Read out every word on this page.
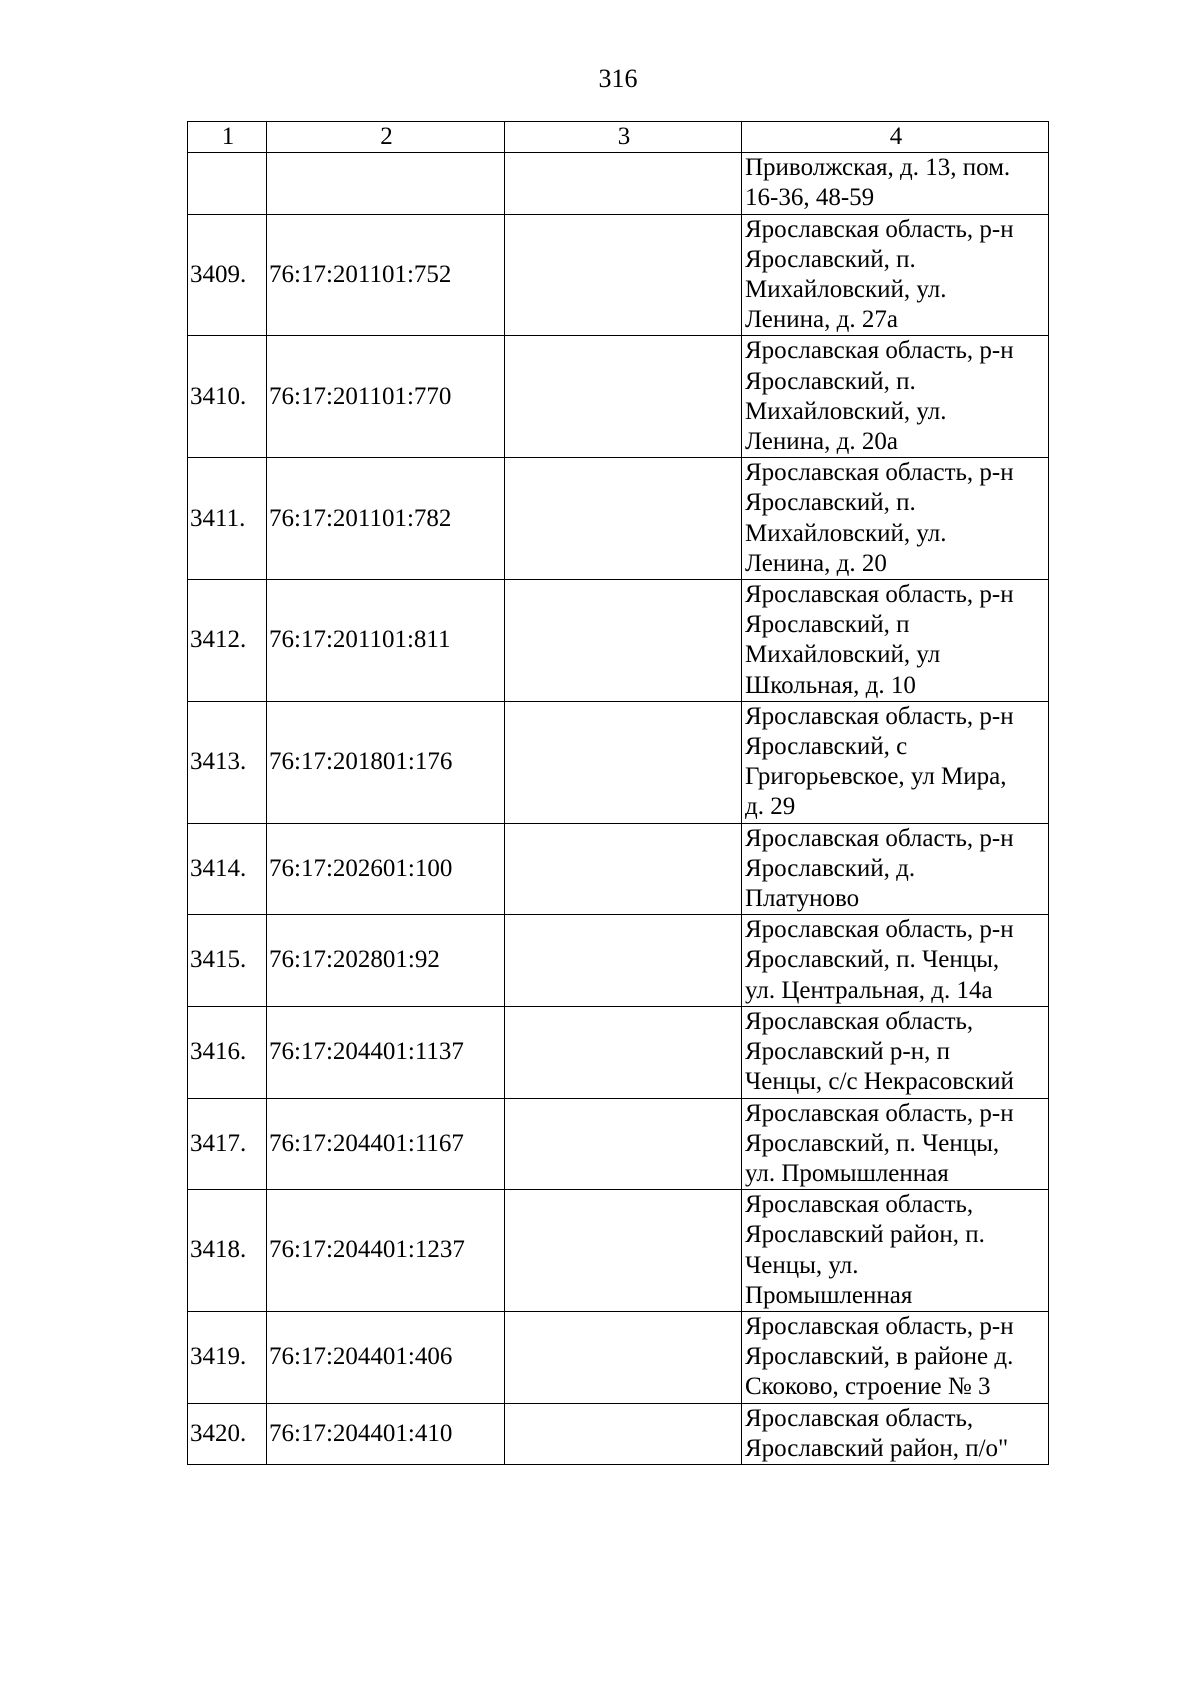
316
1	2	3	4

			Приволжская, д. 13, пом.
16-36, 48-59

3409.	76:17:201101:752		Ярославская область, р-н
Ярославский, п.
Михайловский, ул.
Ленина, д. 27а

3410.	76:17:201101:770		Ярославская область, р-н
Ярославский, п.
Михайловский, ул.
Ленина, д. 20а

3411.	76:17:201101:782		Ярославская область, р-н
Ярославский, п.
Михайловский, ул.
Ленина, д. 20

3412.	76:17:201101:811		Ярославская область, р-н
Ярославский, п
Михайловский, ул
Школьная, д. 10

3413.	76:17:201801:176		Ярославская область, р-н
Ярославский, с
Григорьевское, ул Мира,
д. 29

3414.	76:17:202601:100		Ярославская область, р-н
Ярославский, д.
Платуново

3415.	76:17:202801:92		Ярославская область, р-н
Ярославский, п. Ченцы,
ул. Центральная, д. 14а

3416.	76:17:204401:1137		Ярославская область,
Ярославский р-н, п
Ченцы, с/с Некрасовский

3417.	76:17:204401:1167		Ярославская область, р-н
Ярославский, п. Ченцы,
ул. Промышленная

3418.	76:17:204401:1237		Ярославская область,
Ярославский район, п.
Ченцы, ул.
Промышленная

3419.	76:17:204401:406		Ярославская область, р-н
Ярославский, в районе д.
Скоково, строение № 3

3420.	76:17:204401:410		Ярославская область,
Ярославский район, п/о"
